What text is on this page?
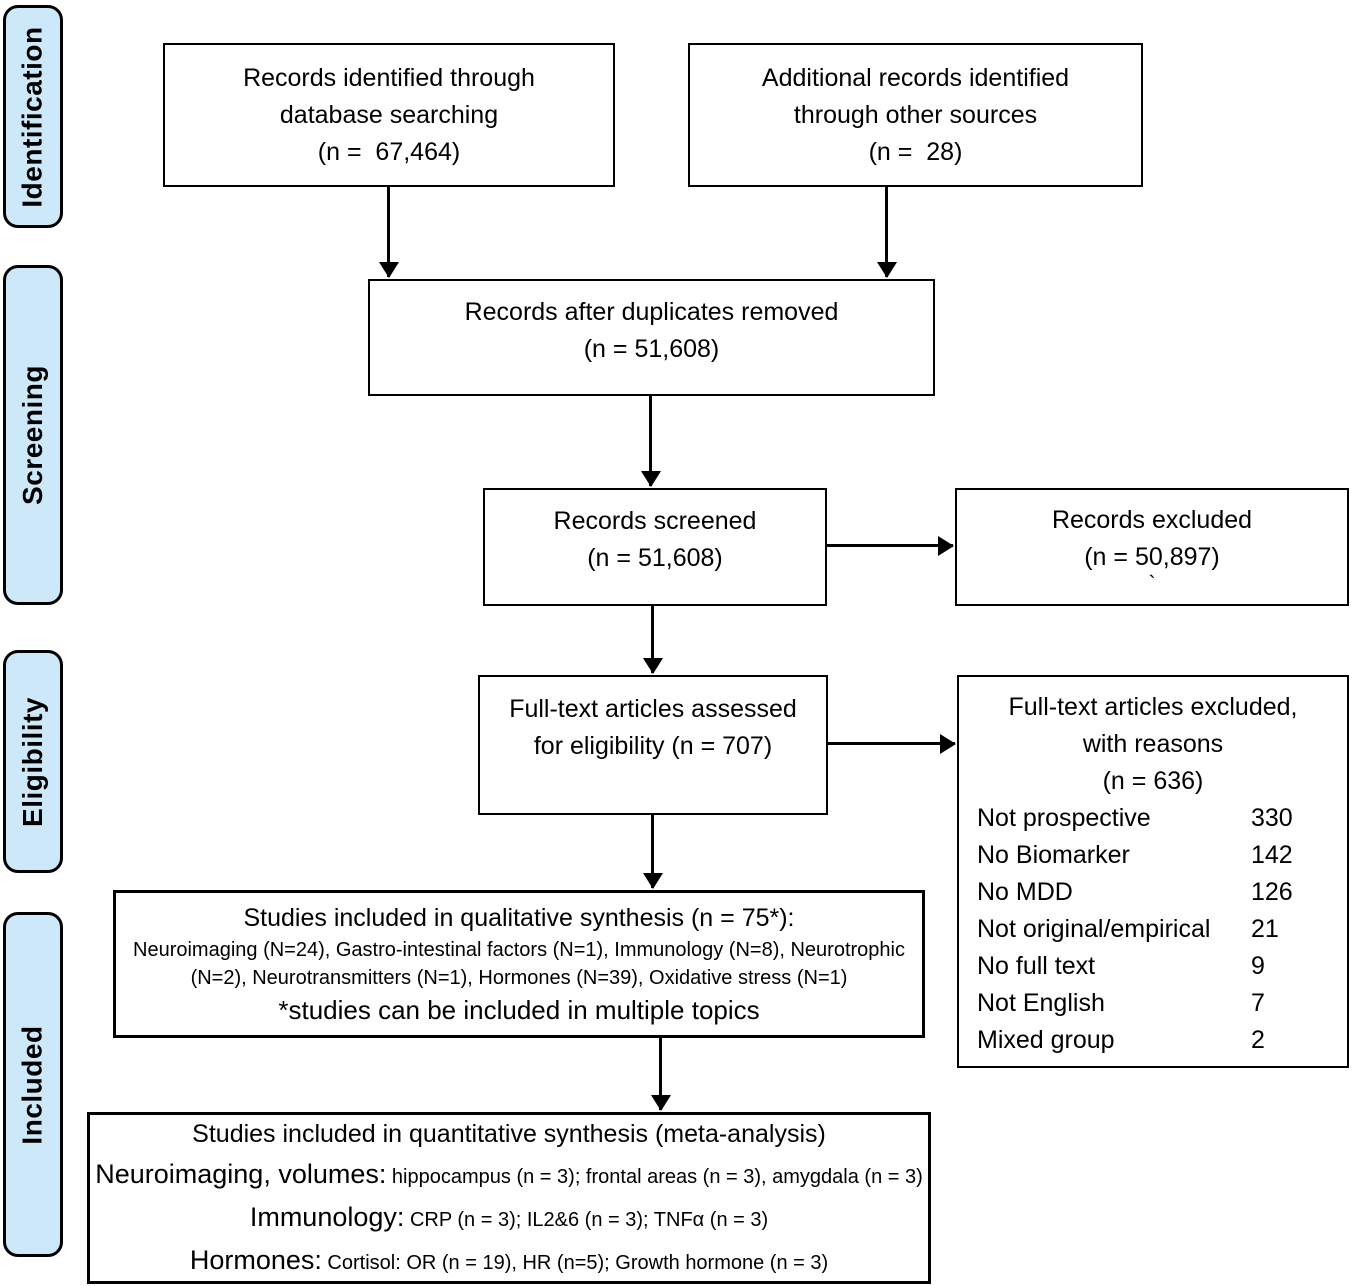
Identification
Screening
Eligibility
Included
Records identified through
database searching
(n =  67,464)
Additional records identified
through other sources
(n =  28)
Records after duplicates removed
(n = 51,608)
Records screened
(n = 51,608)
Records excluded
(n = 50,897)
`
Full-text articles assessed
for eligibility (n = 707)
Full-text articles excluded,
with reasons
(n = 636)
Not prospective	330
No Biomarker	142
No MDD	126
Not original/empirical	21
No full text	9
Not English	7
Mixed group	2
Studies included in qualitative synthesis (n = 75*):
Neuroimaging (N=24), Gastro-intestinal factors (N=1), Immunology (N=8), Neurotrophic
(N=2), Neurotransmitters (N=1), Hormones (N=39), Oxidative stress (N=1)
*studies can be included in multiple topics
Studies included in quantitative synthesis (meta-analysis)
Neuroimaging, volumes: hippocampus (n = 3); frontal areas (n = 3), amygdala (n = 3)
Immunology: CRP (n = 3); IL2&6 (n = 3); TNFα (n = 3)
Hormones: Cortisol: OR (n = 19), HR (n=5); Growth hormone (n = 3)
